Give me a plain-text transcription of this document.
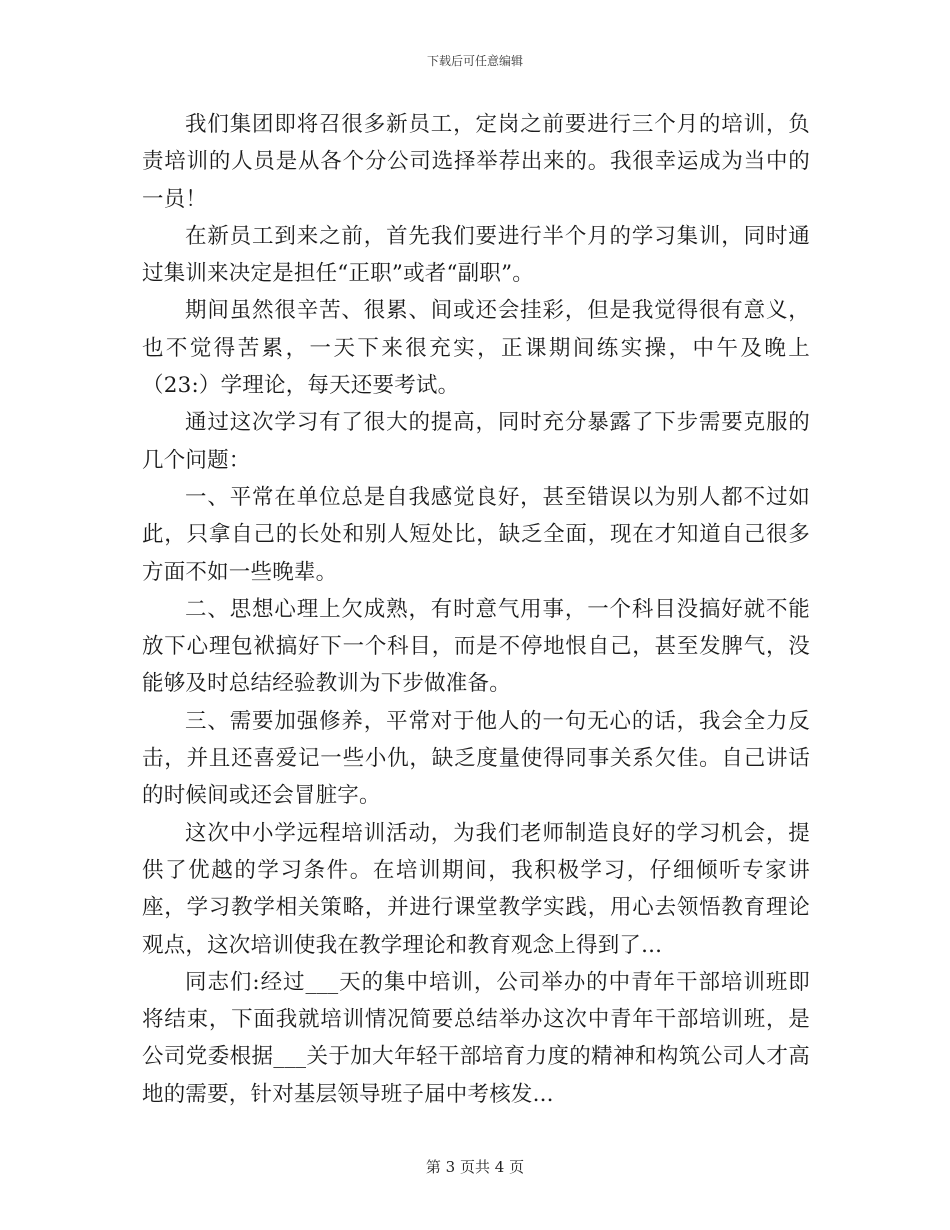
下载后可任意编辑

我们集团即将召很多新员工，定岗之前要进行三个月的培训，负责培训的人员是从各个分公司选择举荐出来的。我很幸运成为当中的一员！

在新员工到来之前，首先我们要进行半个月的学习集训，同时通过集训来决定是担任“正职”或者“副职”。

期间虽然很辛苦、很累、间或还会挂彩，但是我觉得很有意义，也不觉得苦累，一天下来很充实，正课期间练实操，中午及晚上（23:）学理论，每天还要考试。

通过这次学习有了很大的提高，同时充分暴露了下步需要克服的几个问题：

一、平常在单位总是自我感觉良好，甚至错误以为别人都不过如此，只拿自己的长处和别人短处比，缺乏全面，现在才知道自己很多方面不如一些晚辈。

二、思想心理上欠成熟，有时意气用事，一个科目没搞好就不能放下心理包袱搞好下一个科目，而是不停地恨自己，甚至发脾气，没能够及时总结经验教训为下步做准备。

三、需要加强修养，平常对于他人的一句无心的话，我会全力反击，并且还喜爱记一些小仇，缺乏度量使得同事关系欠佳。自己讲话的时候间或还会冒脏字。

这次中小学远程培训活动，为我们老师制造良好的学习机会，提供了优越的学习条件。在培训期间，我积极学习，仔细倾听专家讲座，学习教学相关策略，并进行课堂教学实践，用心去领悟教育理论观点，这次培训使我在教学理论和教育观念上得到了...

同志们:经过___天的集中培训，公司举办的中青年干部培训班即将结束，下面我就培训情况简要总结举办这次中青年干部培训班，是公司党委根据___关于加大年轻干部培育力度的精神和构筑公司人才高地的需要，针对基层领导班子届中考核发...

第 3 页共 4 页
